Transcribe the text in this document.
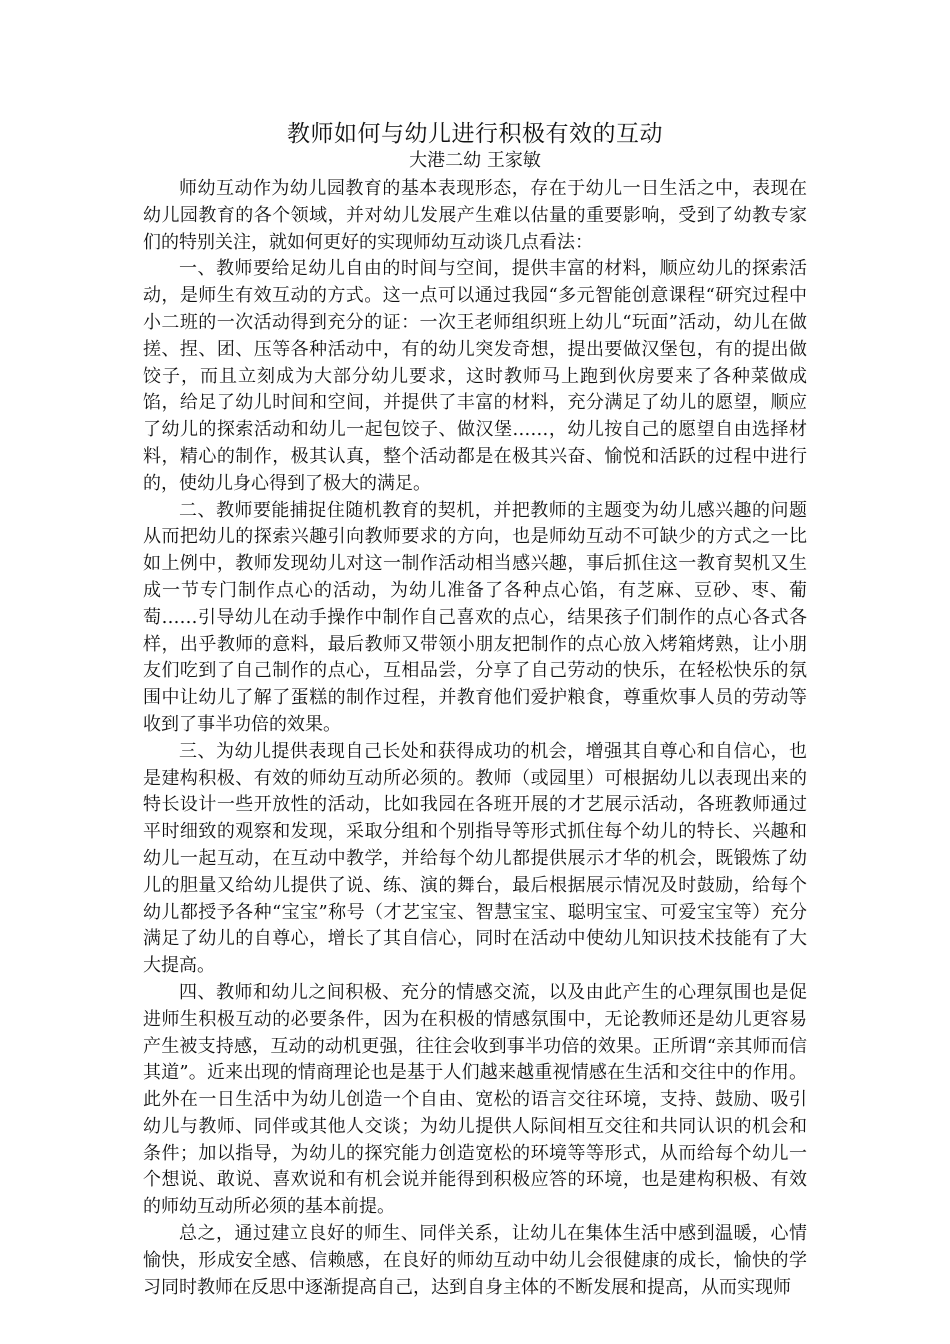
教师如何与幼儿进行积极有效的互动

大港二幼 王家敏

师幼互动作为幼儿园教育的基本表现形态，存在于幼儿一日生活之中，表现在幼儿园教育的各个领域，并对幼儿发展产生难以估量的重要影响，受到了幼教专家们的特别关注，就如何更好的实现师幼互动谈几点看法：

一、教师要给足幼儿自由的时间与空间，提供丰富的材料，顺应幼儿的探索活动，是师生有效互动的方式。这一点可以通过我园“多元智能创意课程“研究过程中小二班的一次活动得到充分的证：一次王老师组织班上幼儿“玩面”活动，幼儿在做搓、捏、团、压等各种活动中，有的幼儿突发奇想，提出要做汉堡包，有的提出做饺子，而且立刻成为大部分幼儿要求，这时教师马上跑到伙房要来了各种菜做成馅，给足了幼儿时间和空间，并提供了丰富的材料，充分满足了幼儿的愿望，顺应了幼儿的探索活动和幼儿一起包饺子、做汉堡……，幼儿按自己的愿望自由选择材料，精心的制作，极其认真，整个活动都是在极其兴奋、愉悦和活跃的过程中进行的，使幼儿身心得到了极大的满足。

二、教师要能捕捉住随机教育的契机，并把教师的主题变为幼儿感兴趣的问题从而把幼儿的探索兴趣引向教师要求的方向，也是师幼互动不可缺少的方式之一比如上例中，教师发现幼儿对这一制作活动相当感兴趣，事后抓住这一教育契机又生成一节专门制作点心的活动，为幼儿准备了各种点心馅，有芝麻、豆砂、枣、葡萄……引导幼儿在动手操作中制作自己喜欢的点心，结果孩子们制作的点心各式各样，出乎教师的意料，最后教师又带领小朋友把制作的点心放入烤箱烤熟，让小朋友们吃到了自己制作的点心，互相品尝，分享了自己劳动的快乐，在轻松快乐的氛围中让幼儿了解了蛋糕的制作过程，并教育他们爱护粮食，尊重炊事人员的劳动等收到了事半功倍的效果。

三、为幼儿提供表现自己长处和获得成功的机会，增强其自尊心和自信心，也是建构积极、有效的师幼互动所必须的。教师（或园里）可根据幼儿以表现出来的特长设计一些开放性的活动，比如我园在各班开展的才艺展示活动，各班教师通过平时细致的观察和发现，采取分组和个别指导等形式抓住每个幼儿的特长、兴趣和幼儿一起互动，在互动中教学，并给每个幼儿都提供展示才华的机会，既锻炼了幼儿的胆量又给幼儿提供了说、练、演的舞台，最后根据展示情况及时鼓励，给每个幼儿都授予各种“宝宝”称号（才艺宝宝、智慧宝宝、聪明宝宝、可爱宝宝等）充分满足了幼儿的自尊心，增长了其自信心，同时在活动中使幼儿知识技术技能有了大大提高。

四、教师和幼儿之间积极、充分的情感交流，以及由此产生的心理氛围也是促进师生积极互动的必要条件，因为在积极的情感氛围中，无论教师还是幼儿更容易产生被支持感，互动的动机更强，往往会收到事半功倍的效果。正所谓“亲其师而信其道”。近来出现的情商理论也是基于人们越来越重视情感在生活和交往中的作用。此外在一日生活中为幼儿创造一个自由、宽松的语言交往环境，支持、鼓励、吸引幼儿与教师、同伴或其他人交谈；为幼儿提供人际间相互交往和共同认识的机会和条件；加以指导，为幼儿的探究能力创造宽松的环境等等形式，从而给每个幼儿一个想说、敢说、喜欢说和有机会说并能得到积极应答的环境，也是建构积极、有效的师幼互动所必须的基本前提。

总之，通过建立良好的师生、同伴关系，让幼儿在集体生活中感到温暖，心情愉快，形成安全感、信赖感，在良好的师幼互动中幼儿会很健康的成长，愉快的学习同时教师在反思中逐渐提高自己，达到自身主体的不断发展和提高，从而实现师
